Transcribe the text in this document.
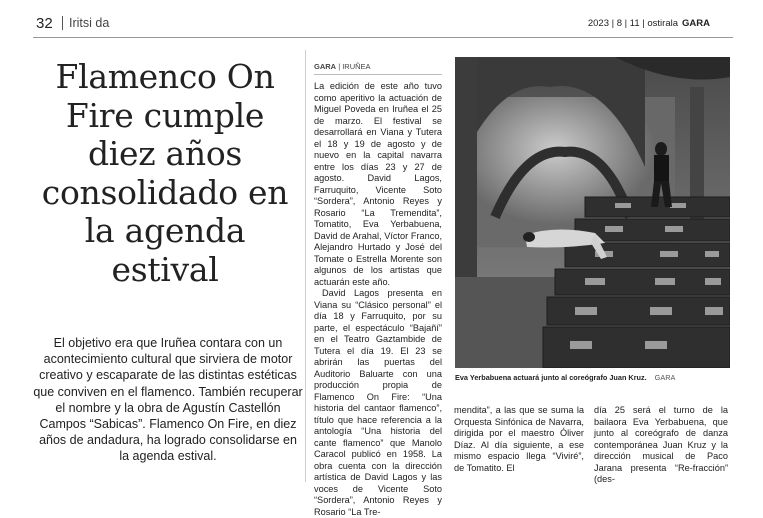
32 Iritsi da	2023 | 8 | 11 | ostirala GARA
Flamenco On Fire cumple diez años consolidado en la agenda estival

El objetivo era que Iruñea contara con un acontecimiento cultural que sirviera de motor creativo y escaparate de las distintas estéticas que conviven en el flamenco. También recuperar el nombre y la obra de Agustín Castellón Campos “Sabicas”. Flamenco On Fire, en diez años de andadura, ha logrado consolidarse en la agenda estival.

GARA | IRUÑEA

La edición de este año tuvo como aperitivo la actuación de Miguel Poveda en Iruñea el 25 de marzo. El festival se desarrollará en Viana y Tutera el 18 y 19 de agosto y de nuevo en la capital navarra entre los días 23 y 27 de agosto. David Lagos, Farruquito, Vicente Soto “Sordera”, Antonio Reyes y Rosario “La Tremendita”, Tomatito, Eva Yerbabuena, David de Arahal, Víctor Franco, Alejandro Hurtado y José del Tomate o Estrella Morente son algunos de los artistas que actuarán este año.

David Lagos presenta en Viana su “Clásico personal” el día 18 y Farruquito, por su parte, el espectáculo “Bajañí” en el Teatro Gaztambide de Tutera el día 19. El 23 se abrirán las puertas del Auditorio Baluarte con una producción propia de Flamenco On Fire: “Una historia del cantaor flamenco”, título que hace referencia a la antología “Una historia del cante flamenco” que Manolo Caracol publicó en 1958. La obra cuenta con la dirección artística de David Lagos y las voces de Vicente Soto “Sordera”, Antonio Reyes y Rosario “La Tre-

Eva Yerbabuena actuará junto al coreógrafo Juan Kruz. GARA

mendita”, a las que se suma la Orquesta Sinfónica de Navarra, dirigida por el maestro Óliver Díaz. Al día siguiente, a ese mismo espacio llega “Viviré”, de Tomatito. El

día 25 será el turno de la bailaora Eva Yerbabuena, que junto al coreógrafo de danza contemporánea Juan Kruz y la dirección musical de Paco Jarana presenta “Re-fracción” (des-
